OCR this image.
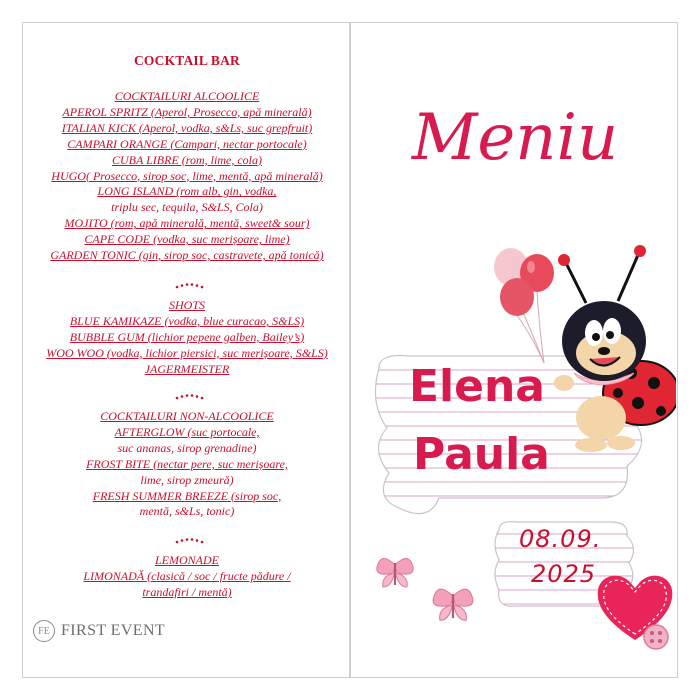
COCKTAIL BAR
COCKTAILURI ALCOOLICE
APEROL SPRITZ (Aperol, Prosecco, apă minerală)
ITALIAN KICK (Aperol, vodka, s&Ls, suc grepfruit)
CAMPARI ORANGE (Campari, nectar portocale)
CUBA LIBRE (rom, lime, cola)
HUGO( Prosecco, sirop soc, lime, mentă, apă minerală)
LONG ISLAND (rom alb, gin, vodka,
triplu sec, tequila, S&LS, Cola)
MOJITO (rom, apă minerală, mentă, sweet& sour)
CAPE CODE (vodka, suc merișoare, lime)
GARDEN TONIC (gin, sirop soc, castravete, apă tonică)
SHOTS
BLUE KAMIKAZE (vodka, blue curacao, S&LS)
BUBBLE GUM (lichior pepene galben, Bailey’s)
WOO WOO (vodka, lichior piersici, suc merișoare, S&LS)
JAGERMEISTER
COCKTAILURI NON-ALCOOLICE
AFTERGLOW (suc portocale,
suc ananas, sirop grenadine)
FROST BITE (nectar pere, suc merișoare,
lime, sirop zmeură)
FRESH SUMMER BREEZE (sirop soc,
mentă, s&Ls, tonic)
LEMONADE
LIMONADĂ (clasică / soc / fructe pădure /
trandafiri / mentă)
FE FIRST EVENT
Meniu
Elena
Paula
08.09.
2025
